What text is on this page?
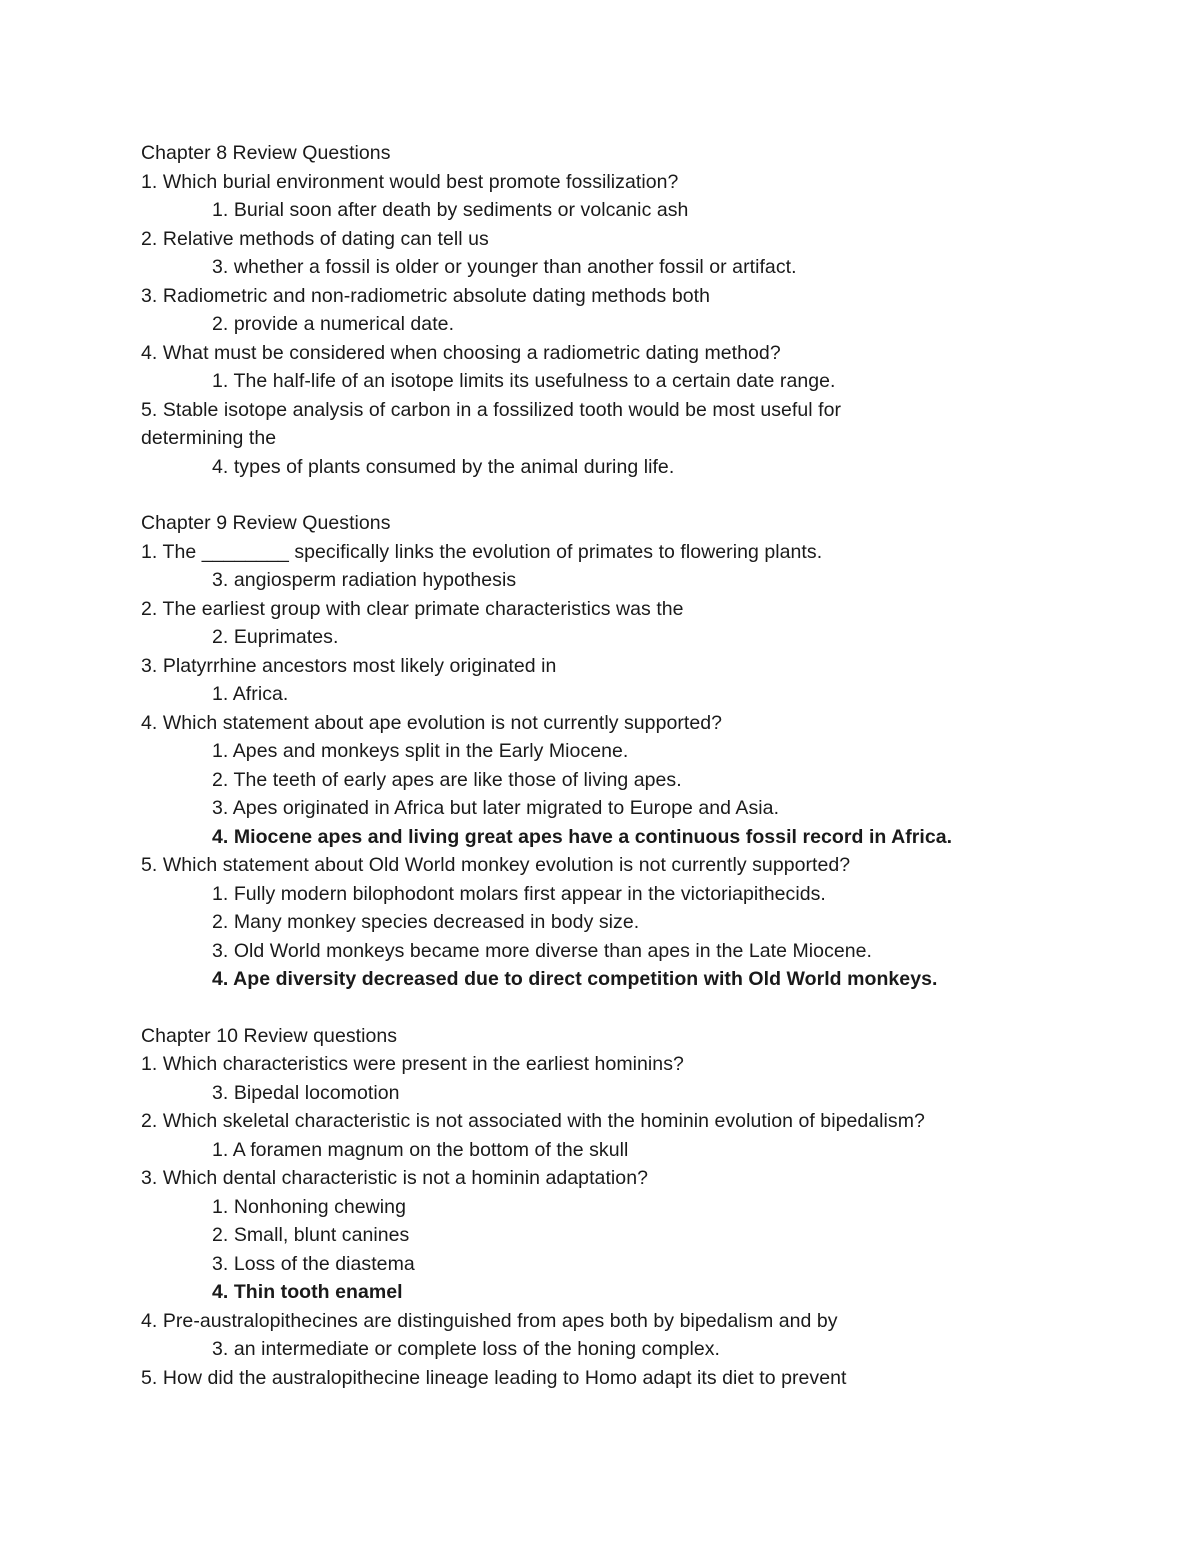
Chapter 8 Review Questions
1. Which burial environment would best promote fossilization?
1. Burial soon after death by sediments or volcanic ash
2. Relative methods of dating can tell us
3. whether a fossil is older or younger than another fossil or artifact.
3. Radiometric and non-radiometric absolute dating methods both
2. provide a numerical date.
4. What must be considered when choosing a radiometric dating method?
1. The half-life of an isotope limits its usefulness to a certain date range.
5. Stable isotope analysis of carbon in a fossilized tooth would be most useful for
determining the
4. types of plants consumed by the animal during life.
Chapter 9 Review Questions
1. The ________ specifically links the evolution of primates to flowering plants.
3. angiosperm radiation hypothesis
2. The earliest group with clear primate characteristics was the
2. Euprimates.
3. Platyrrhine ancestors most likely originated in
1. Africa.
4. Which statement about ape evolution is not currently supported?
1. Apes and monkeys split in the Early Miocene.
2. The teeth of early apes are like those of living apes.
3. Apes originated in Africa but later migrated to Europe and Asia.
4. Miocene apes and living great apes have a continuous fossil record in Africa.
5. Which statement about Old World monkey evolution is not currently supported?
1. Fully modern bilophodont molars first appear in the victoriapithecids.
2. Many monkey species decreased in body size.
3. Old World monkeys became more diverse than apes in the Late Miocene.
4. Ape diversity decreased due to direct competition with Old World monkeys.
Chapter 10 Review questions
1. Which characteristics were present in the earliest hominins?
3. Bipedal locomotion
2. Which skeletal characteristic is not associated with the hominin evolution of bipedalism?
1. A foramen magnum on the bottom of the skull
3. Which dental characteristic is not a hominin adaptation?
1. Nonhoning chewing
2. Small, blunt canines
3. Loss of the diastema
4. Thin tooth enamel
4. Pre-australopithecines are distinguished from apes both by bipedalism and by
3. an intermediate or complete loss of the honing complex.
5. How did the australopithecine lineage leading to Homo adapt its diet to prevent
